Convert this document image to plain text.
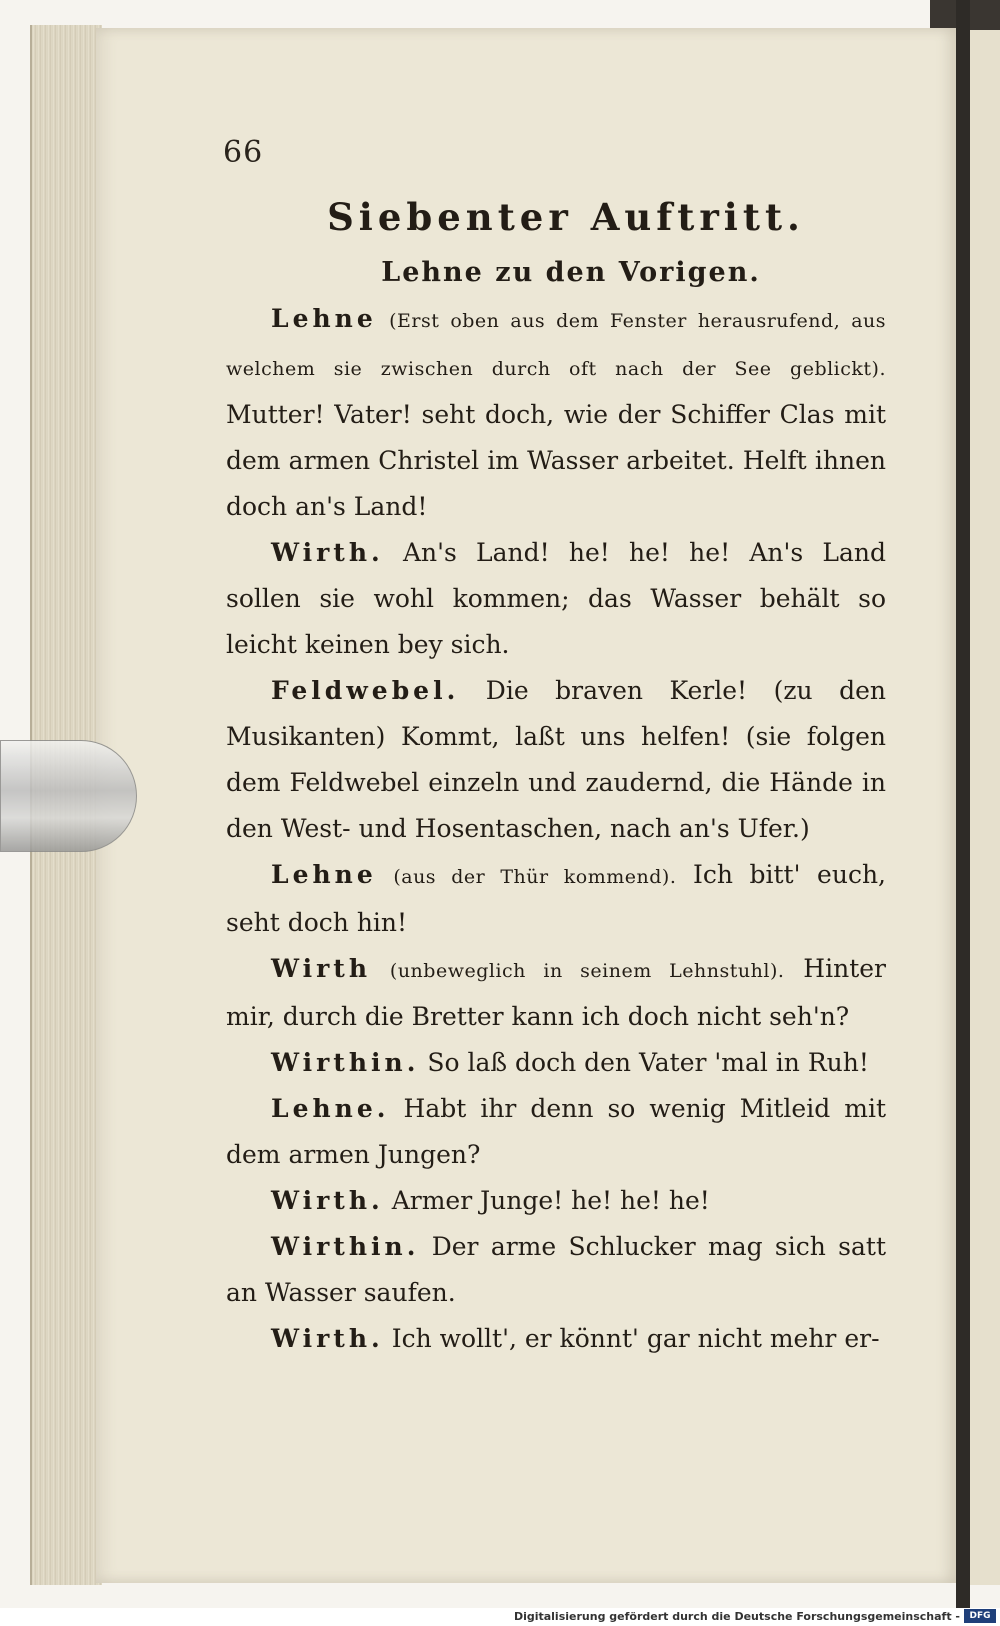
66
Siebenter Auftritt.
Lehne zu den Vorigen.

Lehne (Erst oben aus dem Fenster herausrufend, aus welchem sie zwischen durch oft nach der See geblickt). Mutter! Vater! seht doch, wie der Schiffer Clas mit dem armen Christel im Wasser arbeitet. Helft ihnen doch an's Land!

Wirth. An's Land! he! he! he! An's Land sollen sie wohl kommen; das Wasser behält so leicht keinen bey sich.

Feldwebel. Die braven Kerle! (zu den Musikanten) Kommt, laßt uns helfen! (sie folgen dem Feldwebel einzeln und zaudernd, die Hände in den West- und Hosentaschen, nach an's Ufer.)

Lehne (aus der Thür kommend). Ich bitt' euch, seht doch hin!

Wirth (unbeweglich in seinem Lehnstuhl). Hinter mir, durch die Bretter kann ich doch nicht seh'n?

Wirthin. So laß doch den Vater 'mal in Ruh!

Lehne. Habt ihr denn so wenig Mitleid mit dem armen Jungen?

Wirth. Armer Junge! he! he! he!

Wirthin. Der arme Schlucker mag sich satt an Wasser saufen.

Wirth. Ich wollt', er könnt' gar nicht mehr er-

Digitalisierung gefördert durch die Deutsche Forschungsgemeinschaft -	DFG
